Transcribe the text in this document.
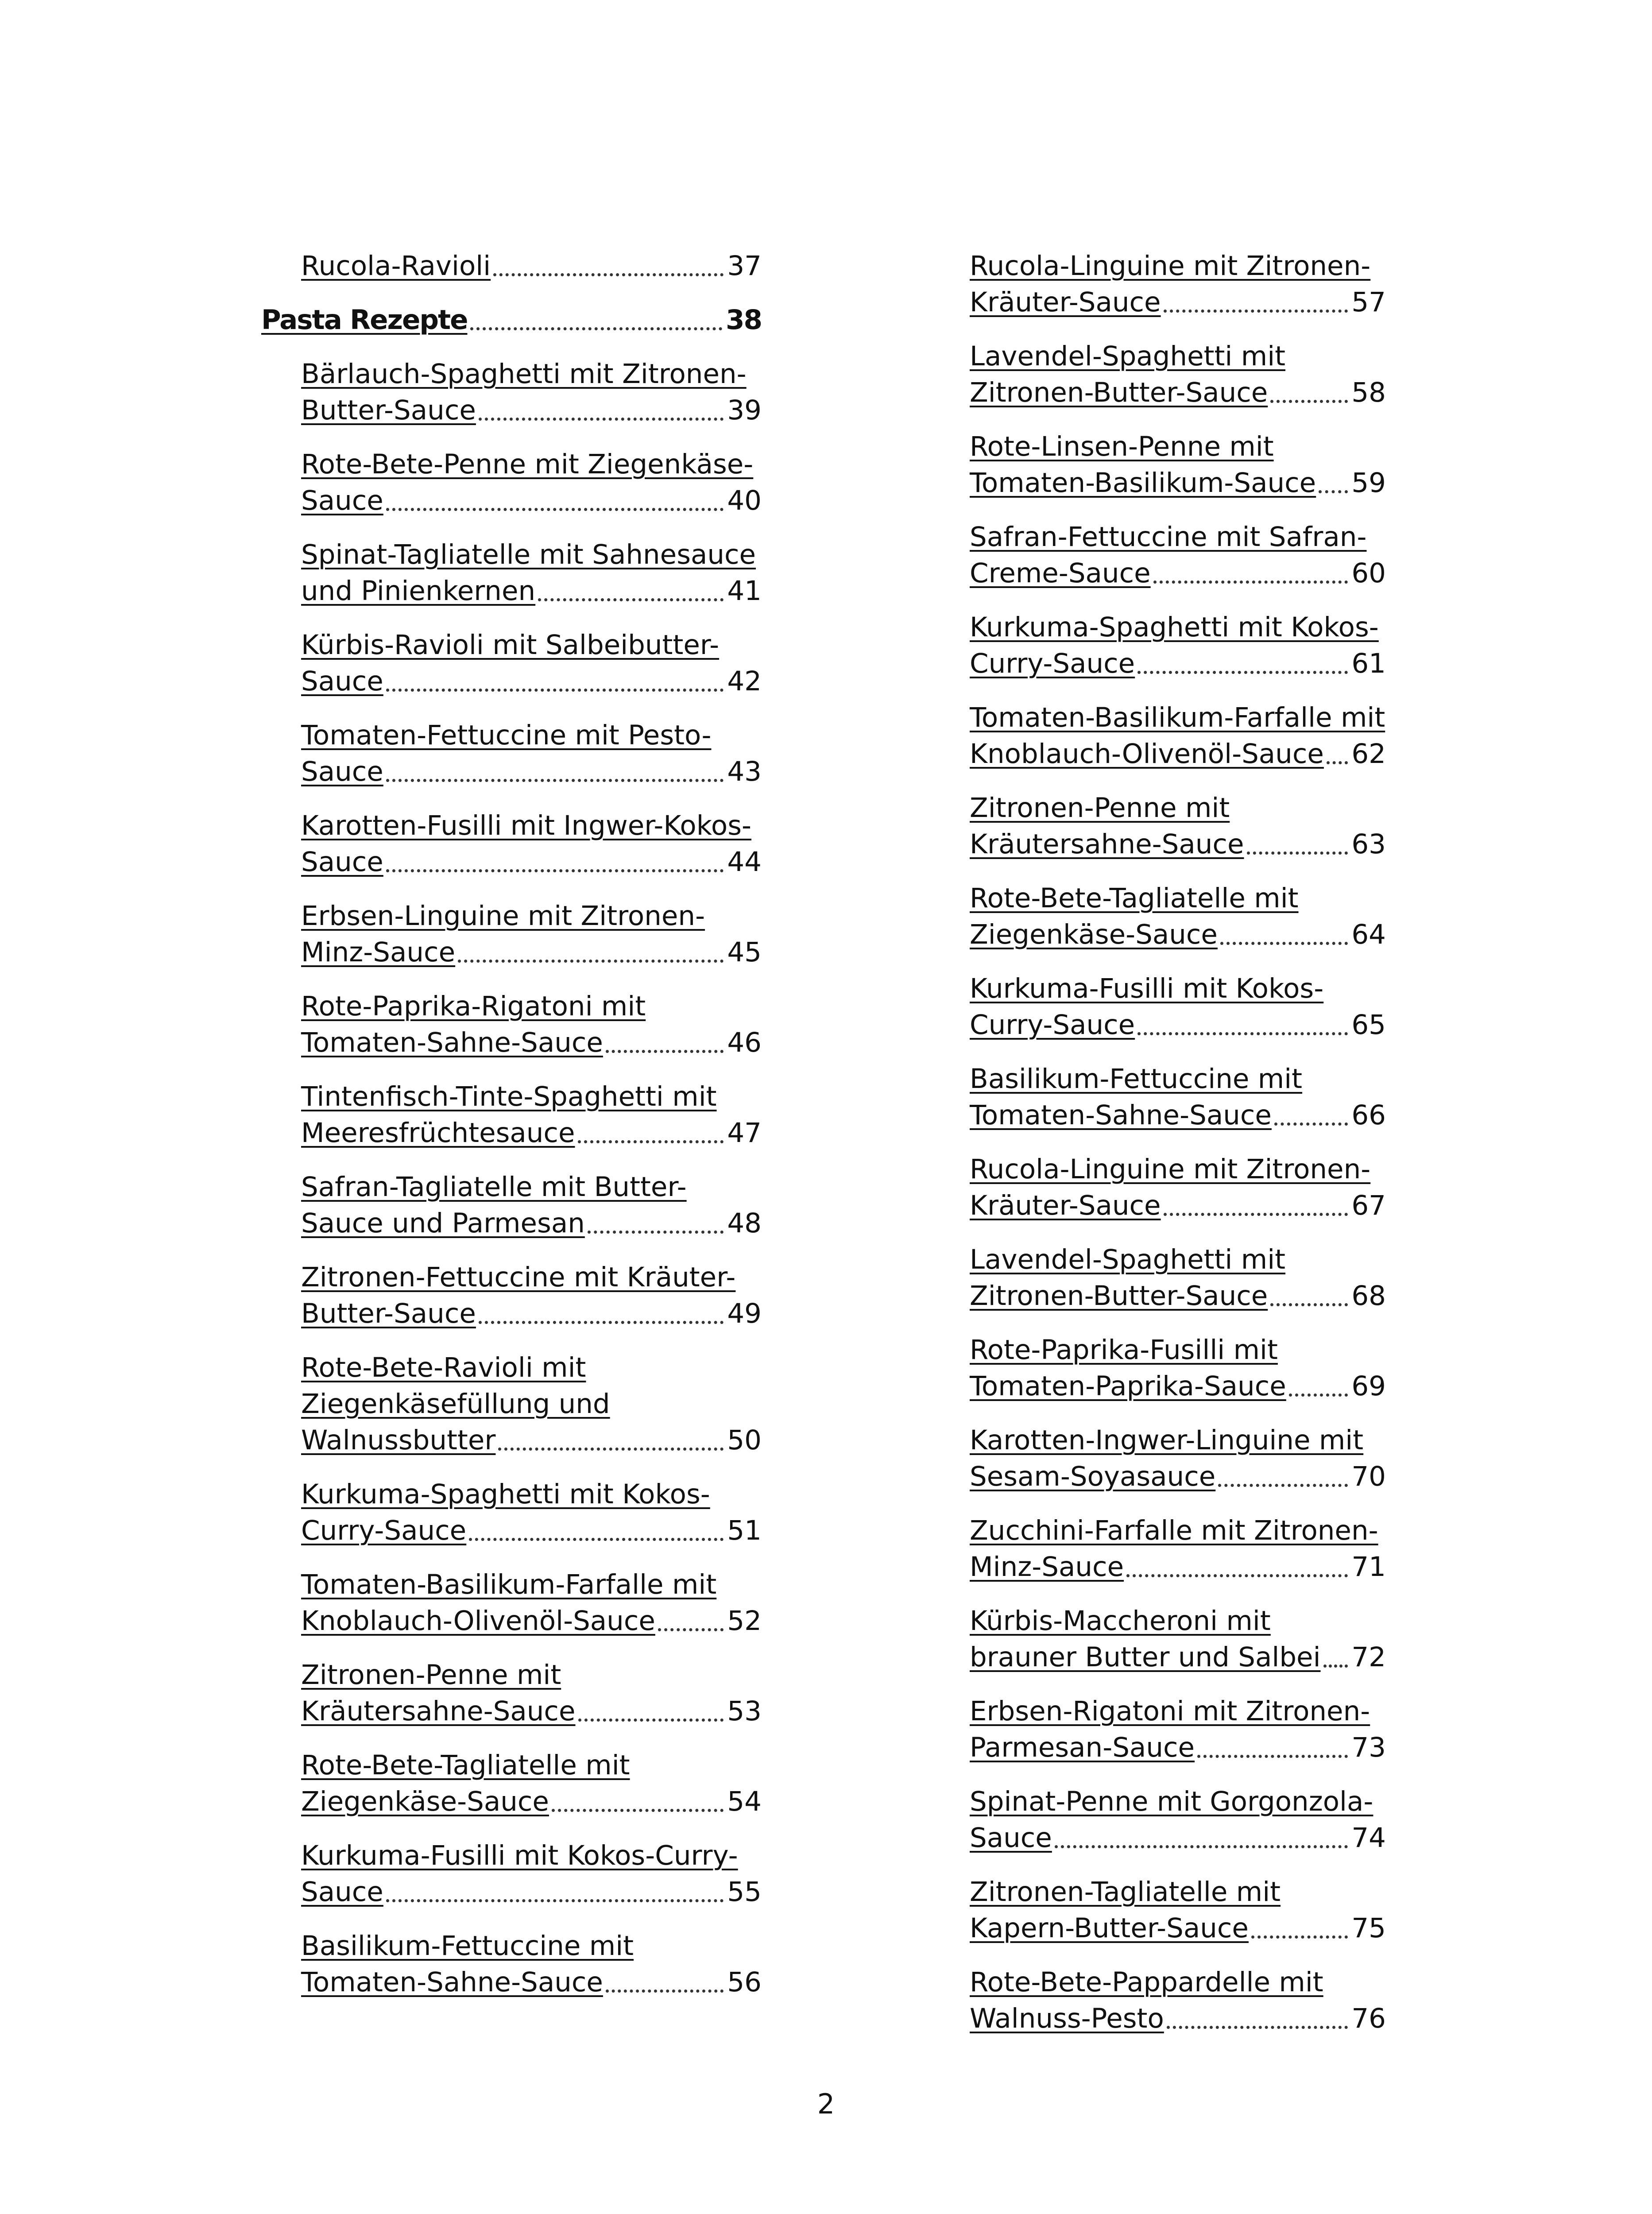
Rucola-Ravioli	37
Pasta Rezepte	38
Bärlauch-Spaghetti mit Zitronen-Butter-Sauce	39
Rote-Bete-Penne mit Ziegenkäse-Sauce	40
Spinat-Tagliatelle mit Sahnesauce und Pinienkernen	41
Kürbis-Ravioli mit Salbeibutter-Sauce	42
Tomaten-Fettuccine mit Pesto-Sauce	43
Karotten-Fusilli mit Ingwer-Kokos-Sauce	44
Erbsen-Linguine mit Zitronen-Minz-Sauce	45
Rote-Paprika-Rigatoni mit Tomaten-Sahne-Sauce	46
Tintenfisch-Tinte-Spaghetti mit Meeresfrüchtesauce	47
Safran-Tagliatelle mit Butter-Sauce und Parmesan	48
Zitronen-Fettuccine mit Kräuter-Butter-Sauce	49
Rote-Bete-Ravioli mit Ziegenkäsefüllung und Walnussbutter	50
Kurkuma-Spaghetti mit Kokos-Curry-Sauce	51
Tomaten-Basilikum-Farfalle mit Knoblauch-Olivenöl-Sauce	52
Zitronen-Penne mit Kräutersahne-Sauce	53
Rote-Bete-Tagliatelle mit Ziegenkäse-Sauce	54
Kurkuma-Fusilli mit Kokos-Curry-Sauce	55
Basilikum-Fettuccine mit Tomaten-Sahne-Sauce	56
Rucola-Linguine mit Zitronen-Kräuter-Sauce	57
Lavendel-Spaghetti mit Zitronen-Butter-Sauce	58
Rote-Linsen-Penne mit Tomaten-Basilikum-Sauce 59
Safran-Fettuccine mit Safran-Creme-Sauce	60
Kurkuma-Spaghetti mit Kokos-Curry-Sauce	61
Tomaten-Basilikum-Farfalle mit Knoblauch-Olivenöl-Sauce 62
Zitronen-Penne mit Kräutersahne-Sauce	63
Rote-Bete-Tagliatelle mit Ziegenkäse-Sauce	64
Kurkuma-Fusilli mit Kokos-Curry-Sauce	65
Basilikum-Fettuccine mit Tomaten-Sahne-Sauce	66
Rucola-Linguine mit Zitronen-Kräuter-Sauce	67
Lavendel-Spaghetti mit Zitronen-Butter-Sauce	68
Rote-Paprika-Fusilli mit Tomaten-Paprika-Sauce 69
Karotten-Ingwer-Linguine mit Sesam-Soyasauce	70
Zucchini-Farfalle mit Zitronen-Minz-Sauce	71
Kürbis-Maccheroni mit brauner Butter und Salbei 72
Erbsen-Rigatoni mit Zitronen-Parmesan-Sauce	73
Spinat-Penne mit Gorgonzola-Sauce	74
Zitronen-Tagliatelle mit Kapern-Butter-Sauce	75
Rote-Bete-Pappardelle mit Walnuss-Pesto	76
2
